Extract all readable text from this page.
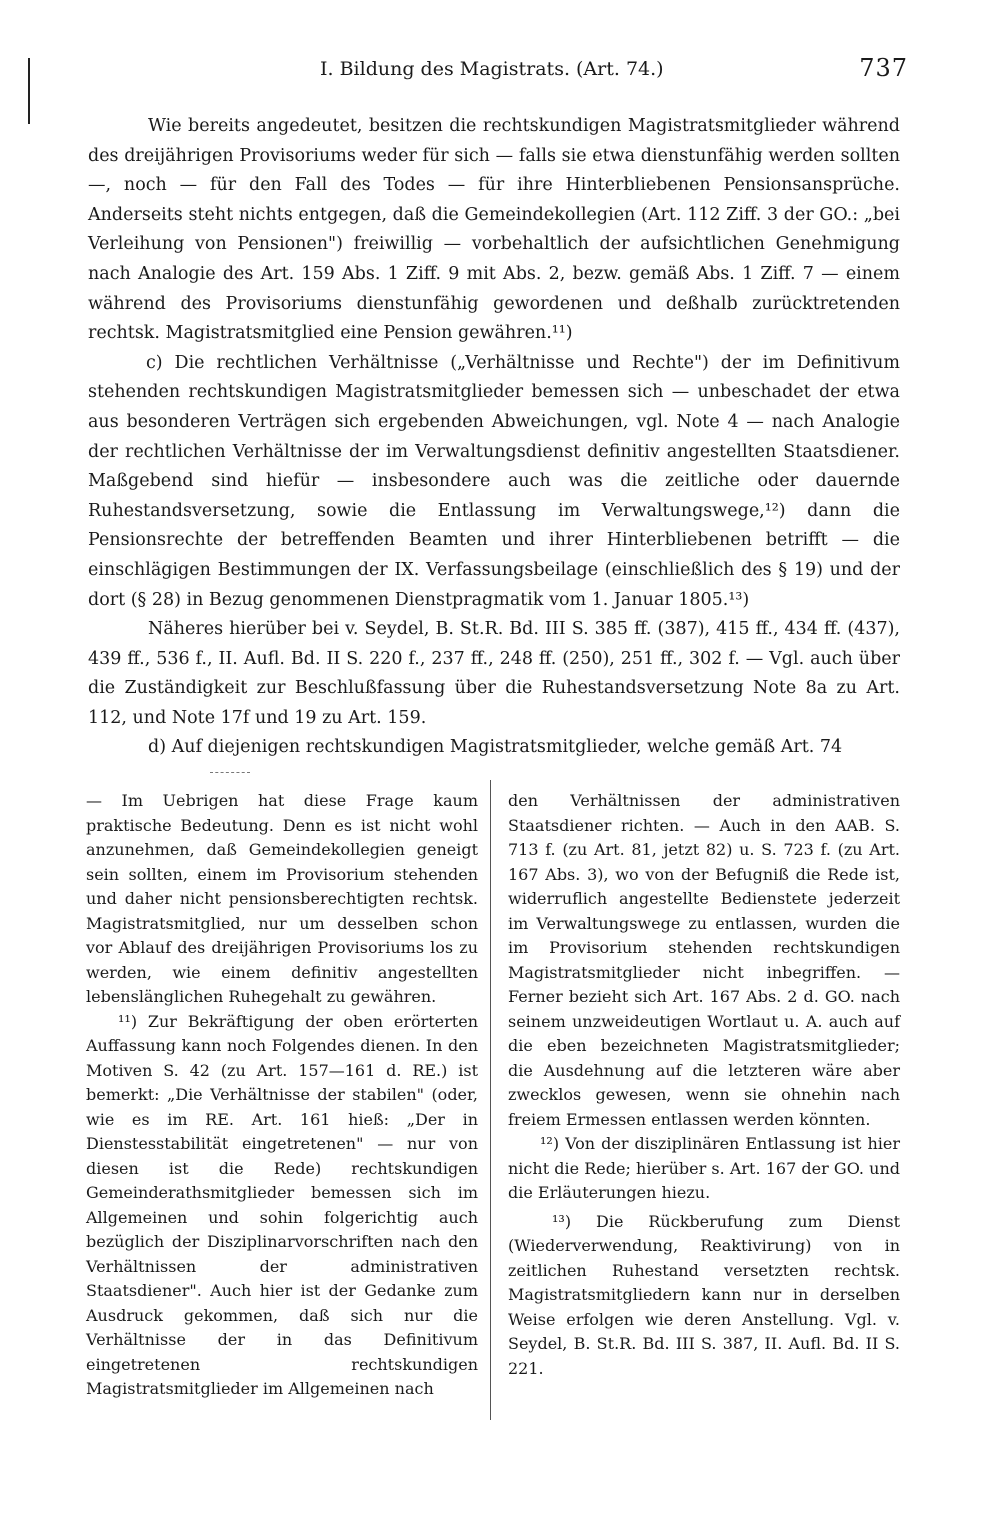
I. Bildung des Magistrats. (Art. 74.)	737

Wie bereits angedeutet, besitzen die rechtskundigen Magistratsmitglieder während des dreijährigen Provisoriums weder für sich — falls sie etwa dienstunfähig werden sollten —, noch — für den Fall des Todes — für ihre Hinterbliebenen Pensionsansprüche. Anderseits steht nichts entgegen, daß die Gemeindekollegien (Art. 112 Ziff. 3 der GO.: „bei Verleihung von Pensionen") freiwillig — vorbehaltlich der aufsichtlichen Genehmigung nach Analogie des Art. 159 Abs. 1 Ziff. 9 mit Abs. 2, bezw. gemäß Abs. 1 Ziff. 7 — einem während des Provisoriums dienstunfähig gewordenen und deßhalb zurücktretenden rechtsk. Magistratsmitglied eine Pension gewähren.¹¹)

c) Die rechtlichen Verhältnisse („Verhältnisse und Rechte") der im Definitivum stehenden rechtskundigen Magistratsmitglieder bemessen sich — unbeschadet der etwa aus besonderen Verträgen sich ergebenden Abweichungen, vgl. Note 4 — nach Analogie der rechtlichen Verhältnisse der im Verwaltungsdienst definitiv angestellten Staatsdiener. Maßgebend sind hiefür — insbesondere auch was die zeitliche oder dauernde Ruhestandsversetzung, sowie die Entlassung im Verwaltungswege,¹²) dann die Pensionsrechte der betreffenden Beamten und ihrer Hinterbliebenen betrifft — die einschlägigen Bestimmungen der IX. Verfassungsbeilage (einschließlich des § 19) und der dort (§ 28) in Bezug genommenen Dienstpragmatik vom 1. Januar 1805.¹³)

Näheres hierüber bei v. Seydel, B. St.R. Bd. III S. 385 ff. (387), 415 ff., 434 ff. (437), 439 ff., 536 f., II. Aufl. Bd. II S. 220 f., 237 ff., 248 ff. (250), 251 ff., 302 f. — Vgl. auch über die Zuständigkeit zur Beschlußfassung über die Ruhestandsversetzung Note 8a zu Art. 112, und Note 17f und 19 zu Art. 159.

d) Auf diejenigen rechtskundigen Magistratsmitglieder, welche gemäß Art. 74

— Im Uebrigen hat diese Frage kaum praktische Bedeutung. Denn es ist nicht wohl anzunehmen, daß Gemeindekollegien geneigt sein sollten, einem im Provisorium stehenden und daher nicht pensionsberechtigten rechtsk. Magistratsmitglied, nur um desselben schon vor Ablauf des dreijährigen Provisoriums los zu werden, wie einem definitiv angestellten lebenslänglichen Ruhegehalt zu gewähren.

¹¹) Zur Bekräftigung der oben erörterten Auffassung kann noch Folgendes dienen. In den Motiven S. 42 (zu Art. 157—161 d. RE.) ist bemerkt: „Die Verhältnisse der stabilen" (oder, wie es im RE. Art. 161 hieß: „Der in Dienstesstabilität eingetretenen" — nur von diesen ist die Rede) rechtskundigen Gemeinderathsmitglieder bemessen sich im Allgemeinen und sohin folgerichtig auch bezüglich der Disziplinarvorschriften nach den Verhältnissen der administrativen Staatsdiener". Auch hier ist der Gedanke zum Ausdruck gekommen, daß sich nur die Verhältnisse der in das Definitivum eingetretenen rechtskundigen Magistratsmitglieder im Allgemeinen nach

den Verhältnissen der administrativen Staatsdiener richten. — Auch in den AAB. S. 713 f. (zu Art. 81, jetzt 82) u. S. 723 f. (zu Art. 167 Abs. 3), wo von der Befugniß die Rede ist, widerruflich angestellte Bedienstete jederzeit im Verwaltungswege zu entlassen, wurden die im Provisorium stehenden rechtskundigen Magistratsmitglieder nicht inbegriffen. — Ferner bezieht sich Art. 167 Abs. 2 d. GO. nach seinem unzweideutigen Wortlaut u. A. auch auf die eben bezeichneten Magistratsmitglieder; die Ausdehnung auf die letzteren wäre aber zwecklos gewesen, wenn sie ohnehin nach freiem Ermessen entlassen werden könnten.

¹²) Von der disziplinären Entlassung ist hier nicht die Rede; hierüber s. Art. 167 der GO. und die Erläuterungen hiezu.

¹³) Die Rückberufung zum Dienst (Wiederverwendung, Reaktivirung) von in zeitlichen Ruhestand versetzten rechtsk. Magistratsmitgliedern kann nur in derselben Weise erfolgen wie deren Anstellung. Vgl. v. Seydel, B. St.R. Bd. III S. 387, II. Aufl. Bd. II S. 221.
